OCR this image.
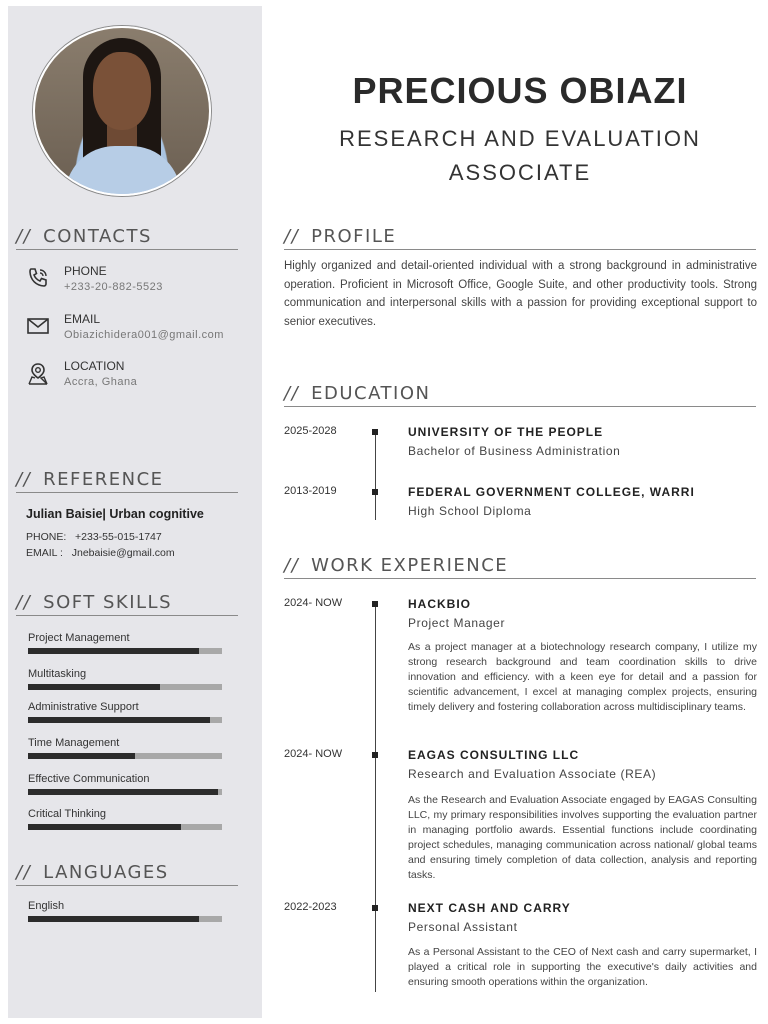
// CONTACTS
PHONE
+233-20-882-5523
EMAIL
Obiazichidera001@gmail.com
LOCATION
Accra, Ghana
// REFERENCE
Julian Baisie| Urban cognitive
PHONE: +233-55-015-1747
EMAIL : Jnebaisie@gmail.com
// SOFT SKILLS
Project Management
Multitasking
Administrative Support
Time Management
Effective Communication
Critical Thinking
// LANGUAGES
English
PRECIOUS OBIAZI
RESEARCH AND EVALUATION
ASSOCIATE
// PROFILE
Highly organized and detail-oriented individual with a strong background in administrative operation. Proficient in Microsoft Office, Google Suite, and other productivity tools. Strong communication and interpersonal skills with a passion for providing exceptional support to senior executives.
// EDUCATION
2025-2028	UNIVERSITY OF THE PEOPLE
Bachelor of Business Administration
2013-2019	FEDERAL GOVERNMENT COLLEGE, WARRI
High School Diploma
// WORK EXPERIENCE
2024- NOW	HACKBIO
Project Manager
As a project manager at a biotechnology research company, I utilize my strong research background and team coordination skills to drive innovation and efficiency. with a keen eye for detail and a passion for scientific advancement, I excel at managing complex projects, ensuring timely delivery and fostering collaboration across multidisciplinary teams.
2024- NOW	EAGAS CONSULTING LLC
Research and Evaluation Associate (REA)
As the Research and Evaluation Associate engaged by EAGAS Consulting LLC, my primary responsibilities involves supporting the evaluation partner in managing portfolio awards. Essential functions include coordinating project schedules, managing communication across national/ global teams and ensuring timely completion of data collection, analysis and reporting tasks.
2022-2023	NEXT CASH AND CARRY
Personal Assistant
As a Personal Assistant to the CEO of Next cash and carry supermarket, I played a critical role in supporting the executive's daily activities and ensuring smooth operations within the organization.
